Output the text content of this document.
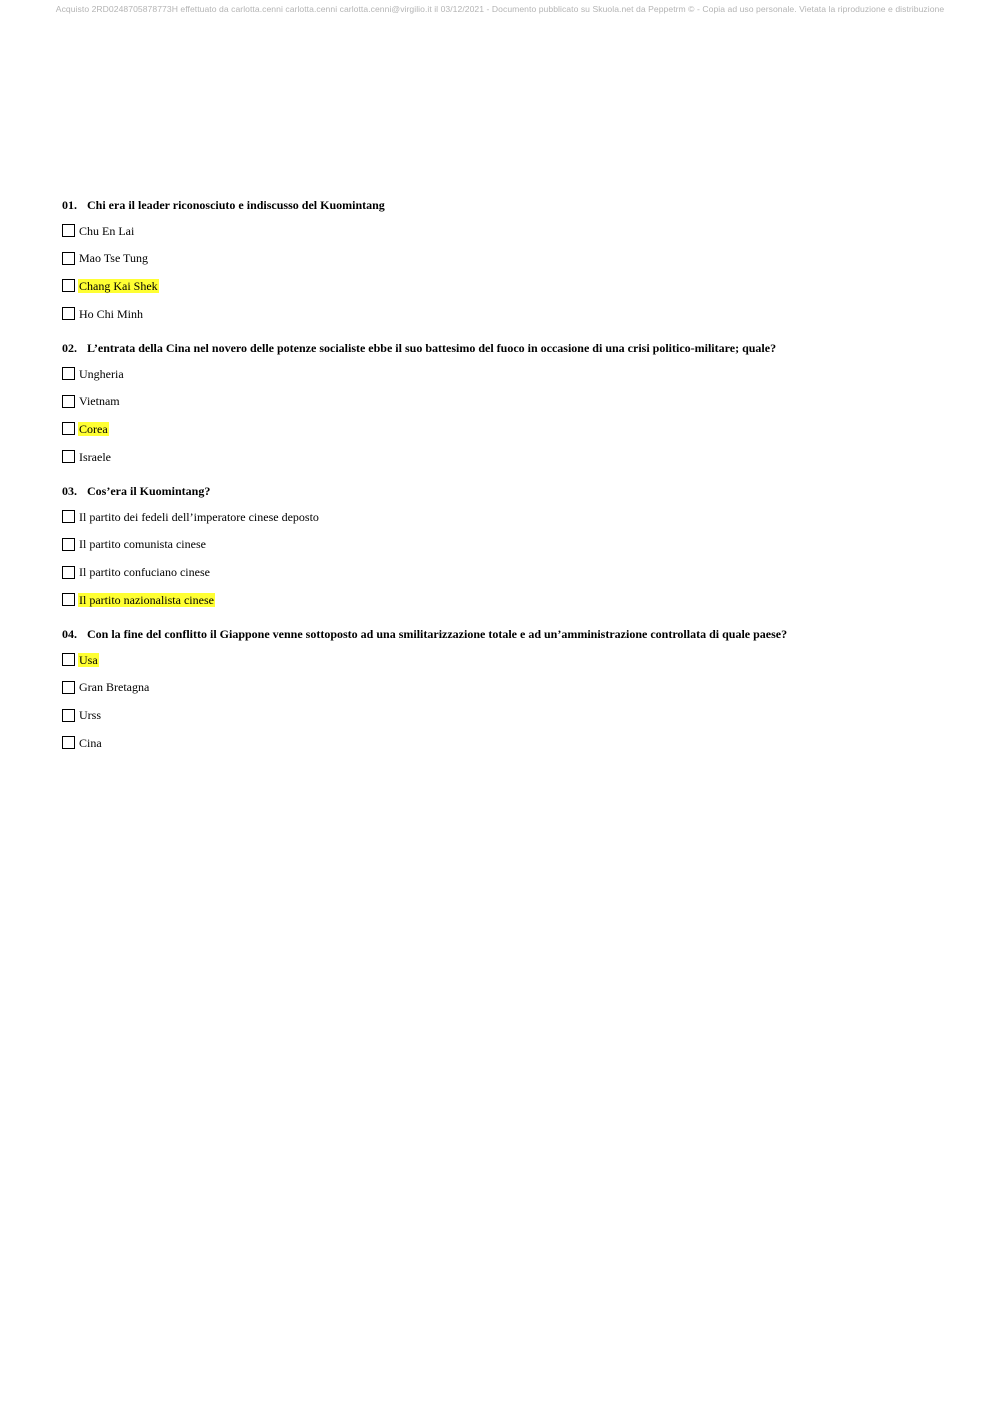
Acquisto 2RD0248705878773H effettuato da carlotta.cenni carlotta.cenni carlotta.cenni@virgilio.it il 03/12/2021 - Documento pubblicato su Skuola.net da Peppetrm © - Copia ad uso personale. Vietata la riproduzione e distribuzione
01. Chi era il leader riconosciuto e indiscusso del Kuomintang
Chu En Lai
Mao Tse Tung
Chang Kai Shek
Ho Chi Minh
02. L’entrata della Cina nel novero delle potenze socialiste ebbe il suo battesimo del fuoco in occasione di una crisi politico-militare; quale?
Ungheria
Vietnam
Corea
Israele
03. Cos’era il Kuomintang?
Il partito dei fedeli dell’imperatore cinese deposto
Il partito comunista cinese
Il partito confuciano cinese
Il partito nazionalista cinese
04. Con la fine del conflitto il Giappone venne sottoposto ad una smilitarizzazione totale e ad un’amministrazione controllata di quale paese?
Usa
Gran Bretagna
Urss
Cina
